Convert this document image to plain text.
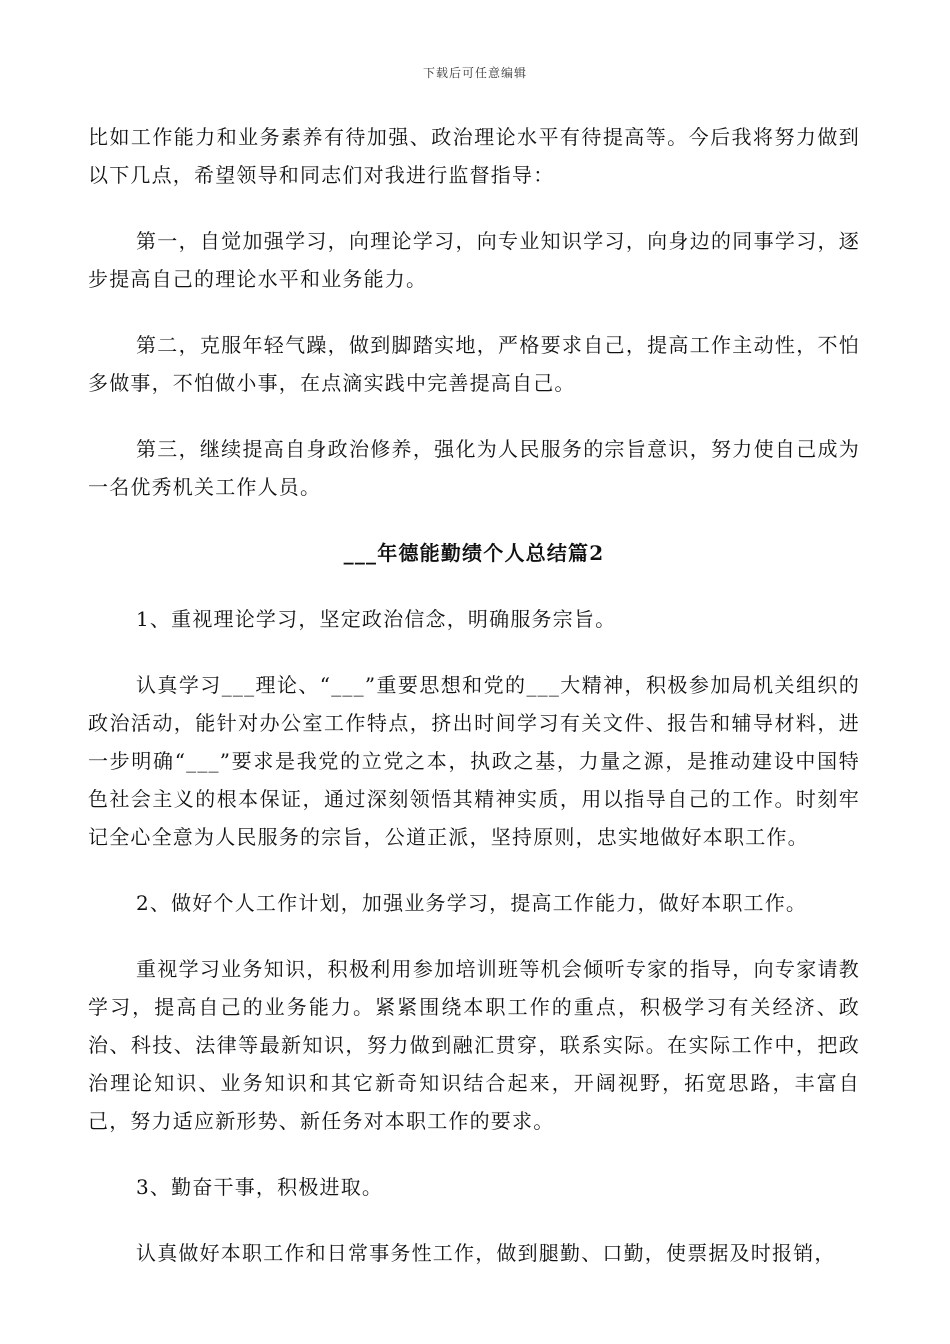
下载后可任意编辑

比如工作能力和业务素养有待加强、政治理论水平有待提高等。今后我将努力做到以下几点，希望领导和同志们对我进行监督指导：

第一，自觉加强学习，向理论学习，向专业知识学习，向身边的同事学习，逐步提高自己的理论水平和业务能力。

第二，克服年轻气躁，做到脚踏实地，严格要求自己，提高工作主动性，不怕多做事，不怕做小事，在点滴实践中完善提高自己。

第三，继续提高自身政治修养，强化为人民服务的宗旨意识，努力使自己成为一名优秀机关工作人员。

___年德能勤绩个人总结篇2

1、重视理论学习，坚定政治信念，明确服务宗旨。

认真学习___理论、“___”重要思想和党的___大精神，积极参加局机关组织的政治活动，能针对办公室工作特点，挤出时间学习有关文件、报告和辅导材料，进一步明确“___”要求是我党的立党之本，执政之基，力量之源，是推动建设中国特色社会主义的根本保证，通过深刻领悟其精神实质，用以指导自己的工作。时刻牢记全心全意为人民服务的宗旨，公道正派，坚持原则，忠实地做好本职工作。

2、做好个人工作计划，加强业务学习，提高工作能力，做好本职工作。

重视学习业务知识，积极利用参加培训班等机会倾听专家的指导，向专家请教学习，提高自己的业务能力。紧紧围绕本职工作的重点，积极学习有关经济、政治、科技、法律等最新知识，努力做到融汇贯穿，联系实际。在实际工作中，把政治理论知识、业务知识和其它新奇知识结合起来，开阔视野，拓宽思路，丰富自己，努力适应新形势、新任务对本职工作的要求。

3、勤奋干事，积极进取。

认真做好本职工作和日常事务性工作，做到腿勤、口勤，使票据及时报销，
